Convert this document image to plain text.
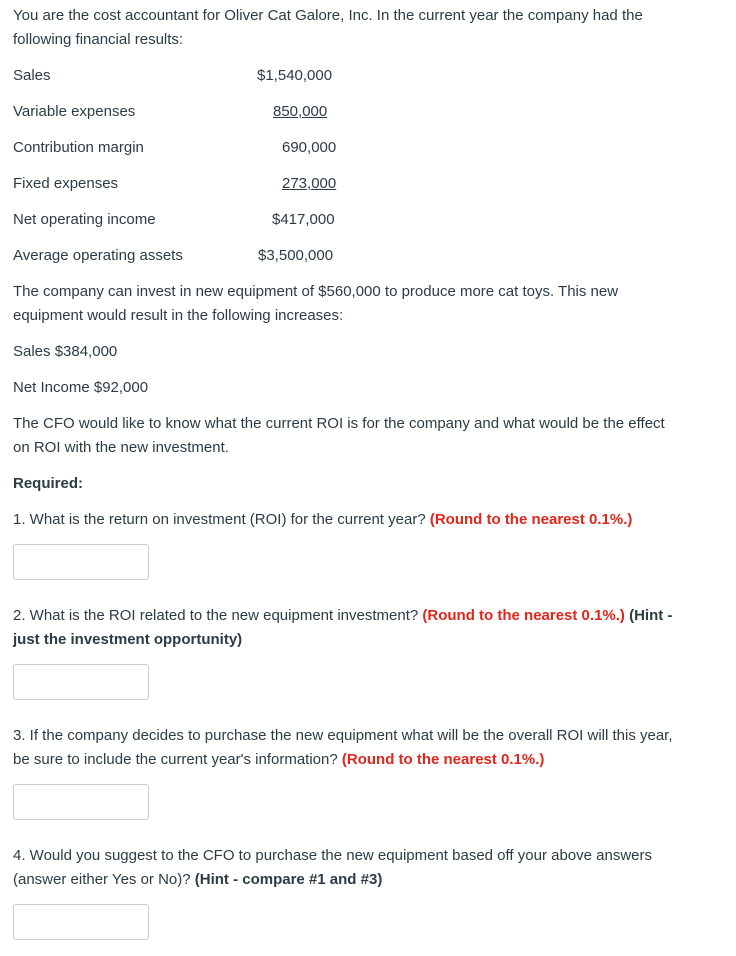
You are the cost accountant for Oliver Cat Galore, Inc. In the current year the company had the
following financial results:
Sales	$1,540,000
Variable expenses	850,000
Contribution margin	690,000
Fixed expenses	273,000
Net operating income	$417,000
Average operating assets	$3,500,000
The company can invest in new equipment of $560,000 to produce more cat toys. This new
equipment would result in the following increases:
Sales $384,000
Net Income $92,000
The CFO would like to know what the current ROI is for the company and what would be the effect
on ROI with the new investment.
Required:
1. What is the return on investment (ROI) for the current year? (Round to the nearest 0.1%.)
2. What is the ROI related to the new equipment investment? (Round to the nearest 0.1%.) (Hint -
just the investment opportunity)
3. If the company decides to purchase the new equipment what will be the overall ROI will this year,
be sure to include the current year's information? (Round to the nearest 0.1%.)
4. Would you suggest to the CFO to purchase the new equipment based off your above answers
(answer either Yes or No)? (Hint - compare #1 and #3)
